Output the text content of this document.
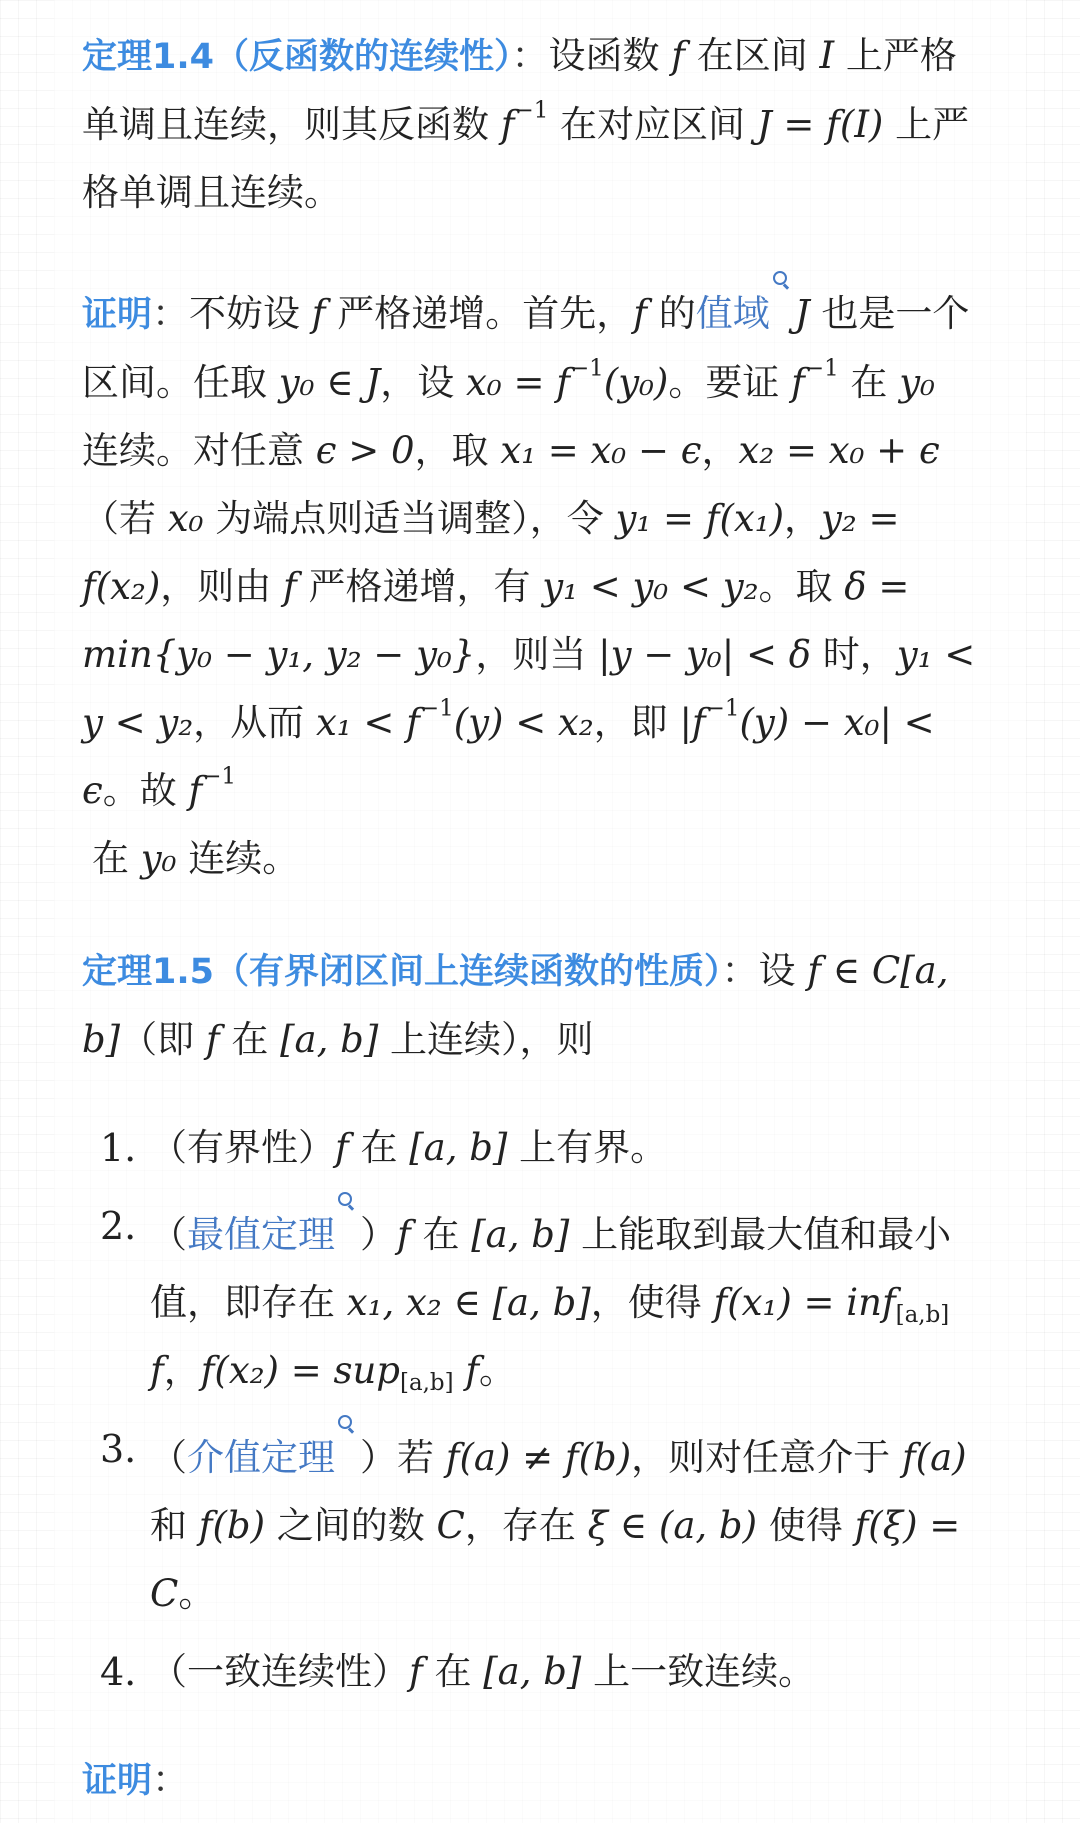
定理1.4（反函数的连续性）：设函数 f 在区间 I 上严格单调且连续，则其反函数 $f^{-1}$ 在对应区间 J = f(I) 上严格单调且连续。

证明：不妨设 f 严格递增。首先，f 的值域 J 也是一个区间。任取 y₀ ∈ J，设 $x_0 = f^{-1}(y_0)$。要证 $f^{-1}$ 在 y₀ 连续。对任意 ϵ > 0，取 x₁ = x₀ − ϵ，x₂ = x₀ + ϵ（若 x₀ 为端点则适当调整），令 y₁ = f(x₁)，y₂ = f(x₂)，则由 f 严格递增，有 y₁ < y₀ < y₂。取 δ = min{y₀ − y₁, y₂ − y₀}，则当 |y − y₀| < δ 时，y₁ < y < y₂，从而 $x_1 < f^{-1}(y) < x_2$，即 $|f^{-1}(y) - x_0| < \epsilon$。故 $f^{-1}$
在 y₀ 连续。

定理1.5（有界闭区间上连续函数的性质）：设 f ∈ C[a, b]（即 f 在 [a, b] 上连续），则

1. （有界性）f 在 [a, b] 上有界。
2. （最值定理 ）f 在 [a, b] 上能取到最大值和最小值，即存在 x₁, x₂ ∈ [a, b]，使得 f(x₁) = inf$_{[a,b]}$ f，f(x₂) = sup$_{[a,b]}$ f。
3. （介值定理 ）若 f(a) ≠ f(b)，则对任意介于 f(a) 和 f(b) 之间的数 C，存在 ξ ∈ (a, b) 使得 f(ξ) = C。
4. （一致连续性）f 在 [a, b] 上一致连续。

证明：
